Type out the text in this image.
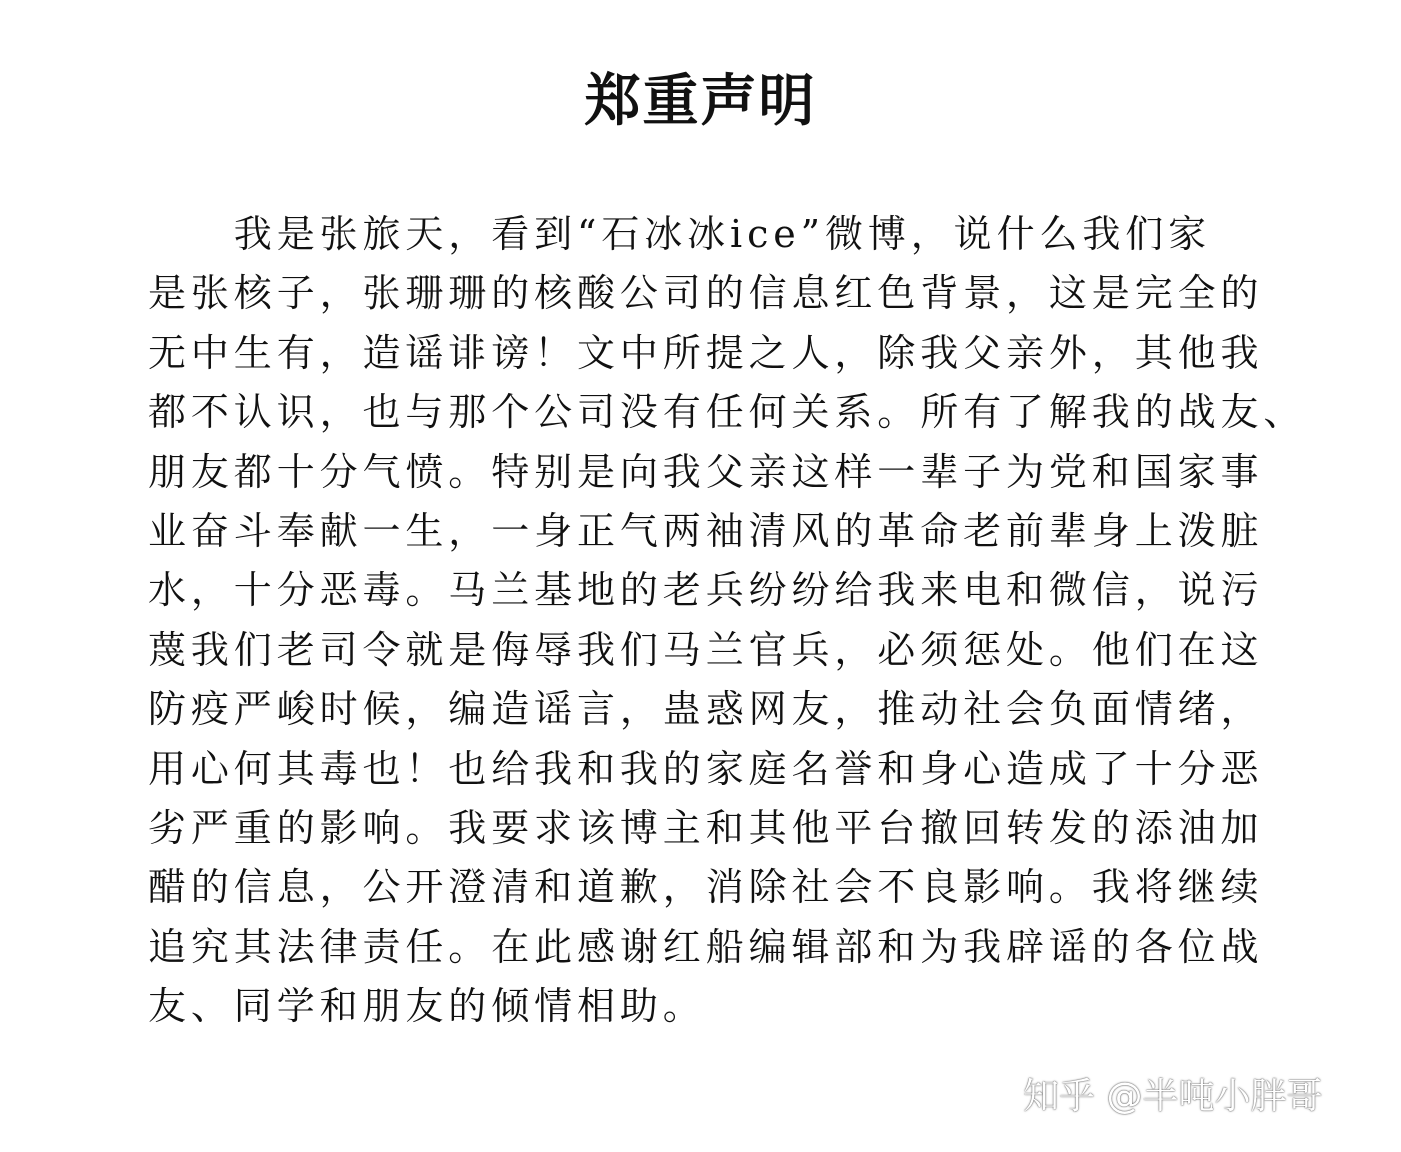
郑重声明
　　我是张旅天，看到“石冰冰ice”微博，说什么我们家
是张核子，张珊珊的核酸公司的信息红色背景，这是完全的
无中生有，造谣诽谤！文中所提之人，除我父亲外，其他我
都不认识，也与那个公司没有任何关系。所有了解我的战友、
朋友都十分气愤。特别是向我父亲这样一辈子为党和国家事
业奋斗奉献一生，一身正气两袖清风的革命老前辈身上泼脏
水，十分恶毒。马兰基地的老兵纷纷给我来电和微信，说污
蔑我们老司令就是侮辱我们马兰官兵，必须惩处。他们在这
防疫严峻时候，编造谣言，蛊惑网友，推动社会负面情绪，
用心何其毒也！也给我和我的家庭名誉和身心造成了十分恶
劣严重的影响。我要求该博主和其他平台撤回转发的添油加
醋的信息，公开澄清和道歉，消除社会不良影响。我将继续
追究其法律责任。在此感谢红船编辑部和为我辟谣的各位战
友、同学和朋友的倾情相助。
知乎 @半吨小胖哥
